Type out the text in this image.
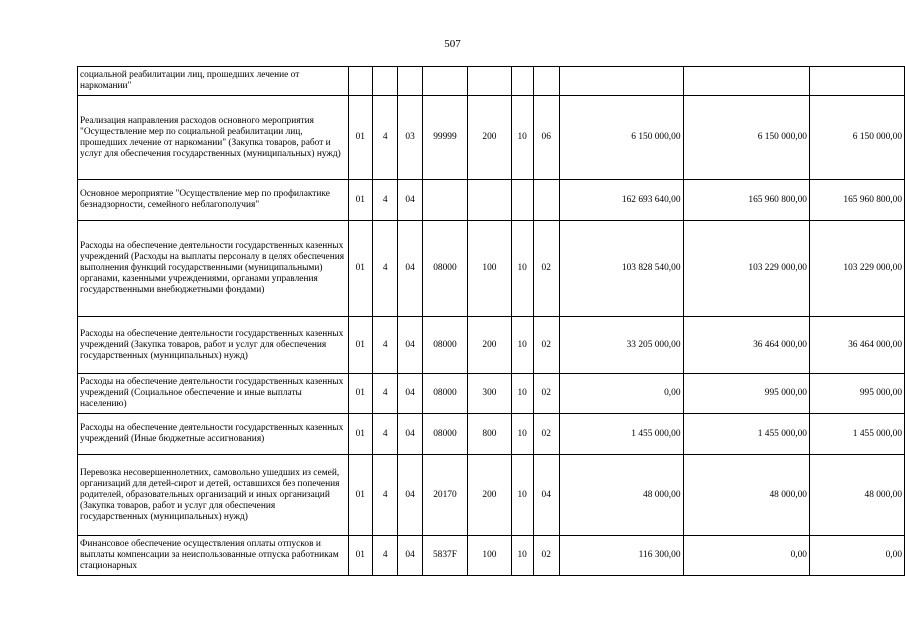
507
социальной реабилитации лиц, прошедших лечение от наркомании"										
Реализация направления расходов основного мероприятия "Осуществление мер по социальной реабилитации лиц, прошедших лечение от наркомании" (Закупка товаров, работ и услуг для обеспечения государственных (муниципальных) нужд)	01	4	03	99999	200	10	06	6 150 000,00	6 150 000,00	6 150 000,00
Основное мероприятие "Осуществление мер по профилактике безнадзорности, семейного неблагополучия"	01	4	04					162 693 640,00	165 960 800,00	165 960 800,00
Расходы на обеспечение деятельности государственных казенных учреждений (Расходы на выплаты персоналу в целях обеспечения выполнения функций государственными (муниципальными) органами, казенными учреждениями, органами управления государственными внебюджетными фондами)	01	4	04	08000	100	10	02	103 828 540,00	103 229 000,00	103 229 000,00
Расходы на обеспечение деятельности государственных казенных учреждений (Закупка товаров, работ и услуг для обеспечения государственных (муниципальных) нужд)	01	4	04	08000	200	10	02	33 205 000,00	36 464 000,00	36 464 000,00
Расходы на обеспечение деятельности государственных казенных учреждений (Социальное обеспечение и иные выплаты населению)	01	4	04	08000	300	10	02	0,00	995 000,00	995 000,00
Расходы на обеспечение деятельности государственных казенных учреждений (Иные бюджетные ассигнования)	01	4	04	08000	800	10	02	1 455 000,00	1 455 000,00	1 455 000,00
Перевозка несовершеннолетних, самовольно ушедших из семей, организаций для детей-сирот и детей, оставшихся без попечения родителей, образовательных организаций и иных организаций (Закупка товаров, работ и услуг для обеспечения государственных (муниципальных) нужд)	01	4	04	20170	200	10	04	48 000,00	48 000,00	48 000,00
Финансовое обеспечение осуществления оплаты отпусков и выплаты компенсации за неиспользованные отпуска работникам стационарных	01	4	04	5837F	100	10	02	116 300,00	0,00	0,00
